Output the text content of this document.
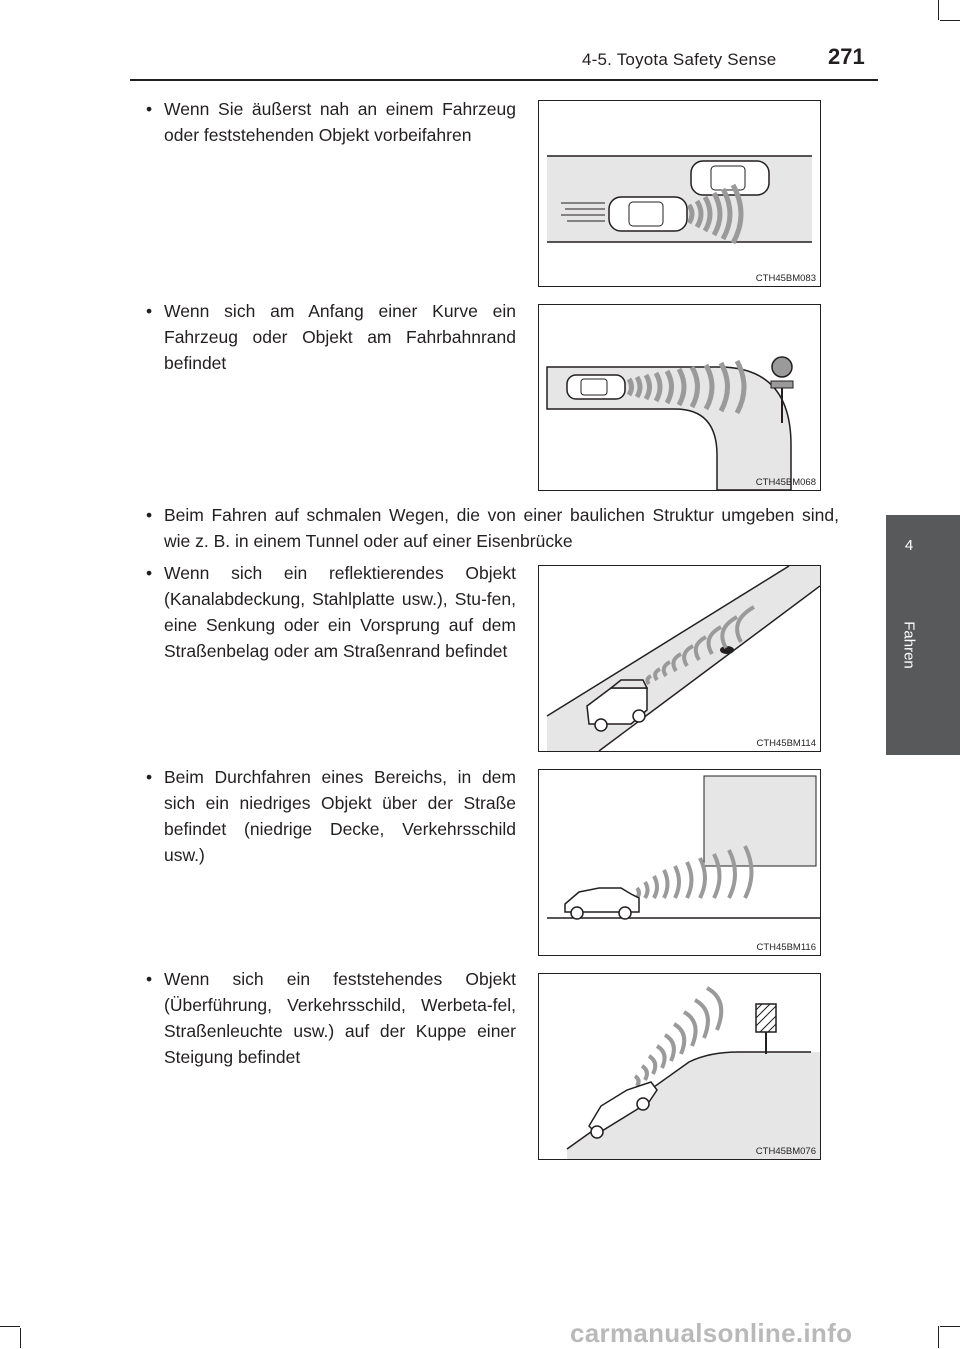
4-5. Toyota Safety Sense 271
4
Fahren
• Wenn Sie äußerst nah an einem Fahrzeug oder feststehenden Objekt vorbeifahren
• Wenn sich am Anfang einer Kurve ein Fahrzeug oder Objekt am Fahrbahnrand befindet
• Beim Fahren auf schmalen Wegen, die von einer baulichen Struktur umgeben sind, wie z. B. in einem Tunnel oder auf einer Eisenbrücke
• Wenn sich ein reflektierendes Objekt (Kanalabdeckung, Stahlplatte usw.), Stu-fen, eine Senkung oder ein Vorsprung auf dem Straßenbelag oder am Straßenrand befindet
• Beim Durchfahren eines Bereichs, in dem sich ein niedriges Objekt über der Straße befindet (niedrige Decke, Verkehrsschild usw.)
• Wenn sich ein feststehendes Objekt (Überführung, Verkehrsschild, Werbeta-fel, Straßenleuchte usw.) auf der Kuppe einer Steigung befindet
CTH45BM083
CTH45BM068
CTH45BM114
CTH45BM116
CTH45BM076
carmanualsonline.info
